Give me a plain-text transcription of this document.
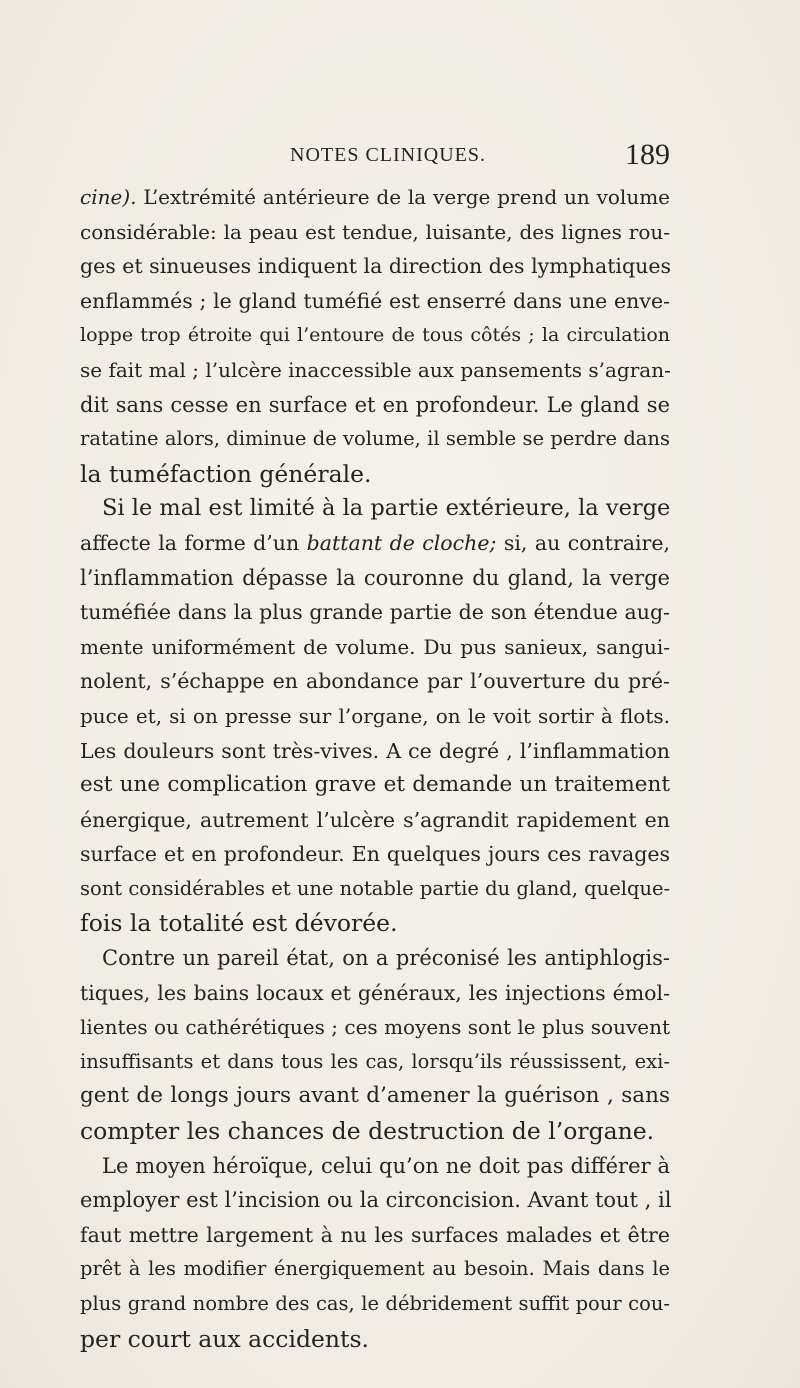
NOTES CLINIQUES.	189
cine). L’extrémité antérieure de la verge prend un volume
considérable: la peau est tendue, luisante, des lignes rou-
ges et sinueuses indiquent la direction des lymphatiques
enflammés ; le gland tuméfié est enserré dans une enve-
loppe trop étroite qui l’entoure de tous côtés ; la circulation
se fait mal ; l’ulcère inaccessible aux pansements s’agran-
dit sans cesse en surface et en profondeur. Le gland se
ratatine alors, diminue de volume, il semble se perdre dans
la tuméfaction générale.
Si le mal est limité à la partie extérieure, la verge
affecte la forme d’un battant de cloche; si, au contraire,
l’inflammation dépasse la couronne du gland, la verge
tuméfiée dans la plus grande partie de son étendue aug-
mente uniformément de volume. Du pus sanieux, sangui-
nolent, s’échappe en abondance par l’ouverture du pré-
puce et, si on presse sur l’organe, on le voit sortir à flots.
Les douleurs sont très-vives. A ce degré , l’inflammation
est une complication grave et demande un traitement
énergique, autrement l’ulcère s’agrandit rapidement en
surface et en profondeur. En quelques jours ces ravages
sont considérables et une notable partie du gland, quelque-
fois la totalité est dévorée.
Contre un pareil état, on a préconisé les antiphlogis-
tiques, les bains locaux et généraux, les injections émol-
lientes ou cathérétiques ; ces moyens sont le plus souvent
insuffisants et dans tous les cas, lorsqu’ils réussissent, exi-
gent de longs jours avant d’amener la guérison , sans
compter les chances de destruction de l’organe.
Le moyen héroïque, celui qu’on ne doit pas différer à
employer est l’incision ou la circoncision. Avant tout , il
faut mettre largement à nu les surfaces malades et être
prêt à les modifier énergiquement au besoin. Mais dans le
plus grand nombre des cas, le débridement suffit pour cou-
per court aux accidents.
